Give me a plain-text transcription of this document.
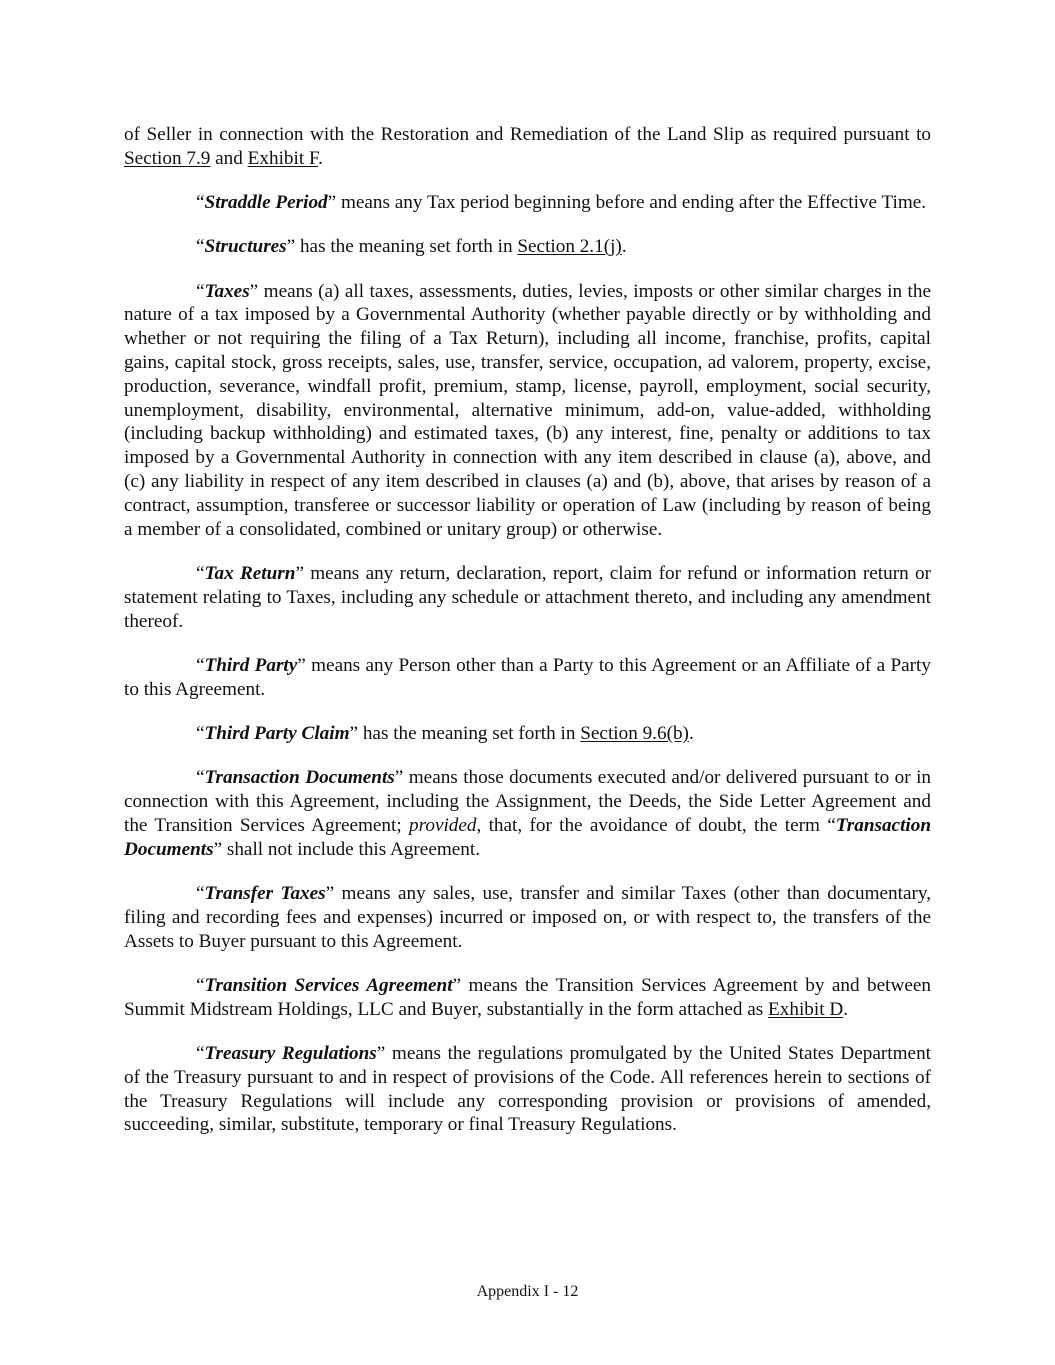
of Seller in connection with the Restoration and Remediation of the Land Slip as required pursuant to Section 7.9 and Exhibit F.

“Straddle Period” means any Tax period beginning before and ending after the Effective Time.

“Structures” has the meaning set forth in Section 2.1(j).

“Taxes” means (a) all taxes, assessments, duties, levies, imposts or other similar charges in the nature of a tax imposed by a Governmental Authority (whether payable directly or by withholding and whether or not requiring the filing of a Tax Return), including all income, franchise, profits, capital gains, capital stock, gross receipts, sales, use, transfer, service, occupation, ad valorem, property, excise, production, severance, windfall profit, premium, stamp, license, payroll, employment, social security, unemployment, disability, environmental, alternative minimum, add-on, value-added, withholding (including backup withholding) and estimated taxes, (b) any interest, fine, penalty or additions to tax imposed by a Governmental Authority in connection with any item described in clause (a), above, and (c) any liability in respect of any item described in clauses (a) and (b), above, that arises by reason of a contract, assumption, transferee or successor liability or operation of Law (including by reason of being a member of a consolidated, combined or unitary group) or otherwise.

“Tax Return” means any return, declaration, report, claim for refund or information return or statement relating to Taxes, including any schedule or attachment thereto, and including any amendment thereof.

“Third Party” means any Person other than a Party to this Agreement or an Affiliate of a Party to this Agreement.

“Third Party Claim” has the meaning set forth in Section 9.6(b).

“Transaction Documents” means those documents executed and/or delivered pursuant to or in connection with this Agreement, including the Assignment, the Deeds, the Side Letter Agreement and the Transition Services Agreement; provided, that, for the avoidance of doubt, the term “Transaction Documents” shall not include this Agreement.

“Transfer Taxes” means any sales, use, transfer and similar Taxes (other than documentary, filing and recording fees and expenses) incurred or imposed on, or with respect to, the transfers of the Assets to Buyer pursuant to this Agreement.

“Transition Services Agreement” means the Transition Services Agreement by and between Summit Midstream Holdings, LLC and Buyer, substantially in the form attached as Exhibit D.

“Treasury Regulations” means the regulations promulgated by the United States Department of the Treasury pursuant to and in respect of provisions of the Code. All references herein to sections of the Treasury Regulations will include any corresponding provision or provisions of amended, succeeding, similar, substitute, temporary or final Treasury Regulations.

Appendix I - 12
